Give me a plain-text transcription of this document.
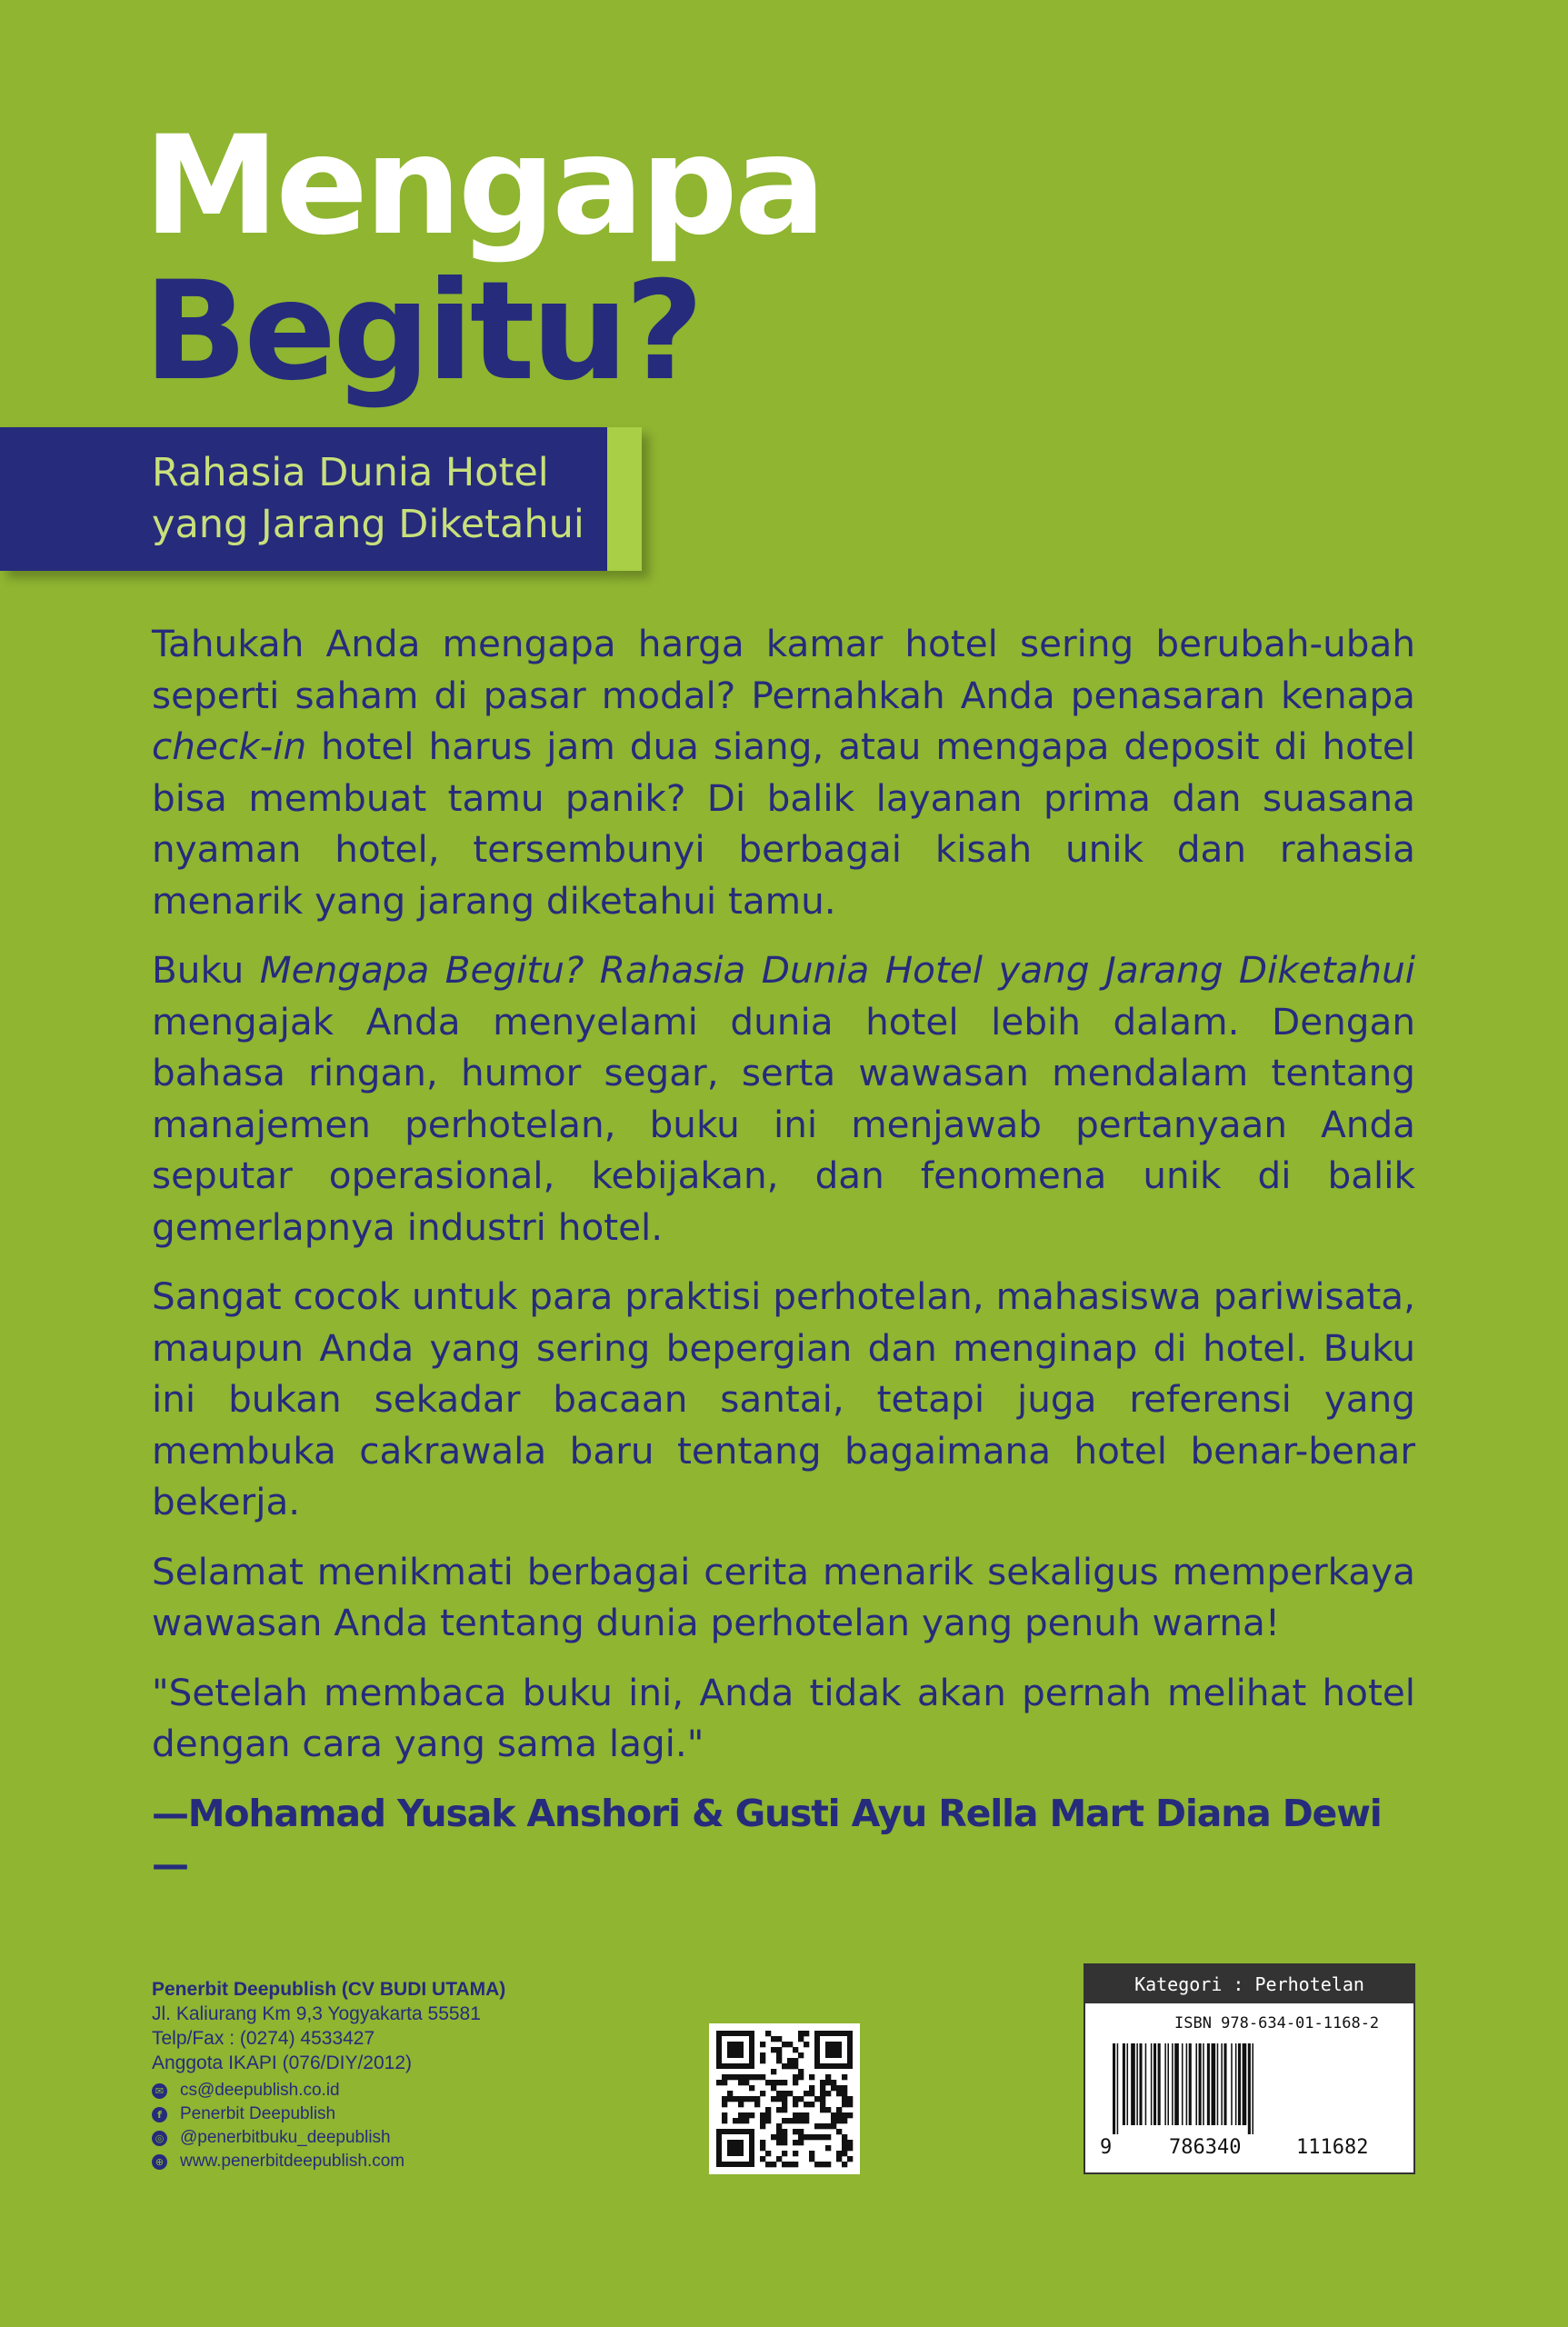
Mengapa
Begitu?
Rahasia Dunia Hotel
yang Jarang Diketahui

Tahukah Anda mengapa harga kamar hotel sering berubah-ubah seperti saham di pasar modal? Pernahkah Anda penasaran kenapa check-in hotel harus jam dua siang, atau mengapa deposit di hotel bisa membuat tamu panik? Di balik layanan prima dan suasana nyaman hotel, tersembunyi berbagai kisah unik dan rahasia menarik yang jarang diketahui tamu.

Buku Mengapa Begitu? Rahasia Dunia Hotel yang Jarang Diketahui mengajak Anda menyelami dunia hotel lebih dalam. Dengan bahasa ringan, humor segar, serta wawasan mendalam tentang manajemen perhotelan, buku ini menjawab pertanyaan Anda seputar operasional, kebijakan, dan fenomena unik di balik gemerlapnya industri hotel.

Sangat cocok untuk para praktisi perhotelan, mahasiswa pariwisata, maupun Anda yang sering bepergian dan menginap di hotel. Buku ini bukan sekadar bacaan santai, tetapi juga referensi yang membuka cakrawala baru tentang bagaimana hotel benar-benar bekerja.

Selamat menikmati berbagai cerita menarik sekaligus memperkaya wawasan Anda tentang dunia perhotelan yang penuh warna!

"Setelah membaca buku ini, Anda tidak akan pernah melihat hotel dengan cara yang sama lagi."

—Mohamad Yusak Anshori & Gusti Ayu Rella Mart Diana Dewi—

Penerbit Deepublish (CV BUDI UTAMA)
Jl. Kaliurang Km 9,3 Yogyakarta 55581
Telp/Fax : (0274) 4533427
Anggota IKAPI (076/DIY/2012)
✉ cs@deepublish.co.id
f	Penerbit Deepublish
◎ @penerbitbuku_deepublish
⊕ www.penerbitdeepublish.com
Kategori : Perhotelan
ISBN 978-634-01-1168-2
9	786340	111682
